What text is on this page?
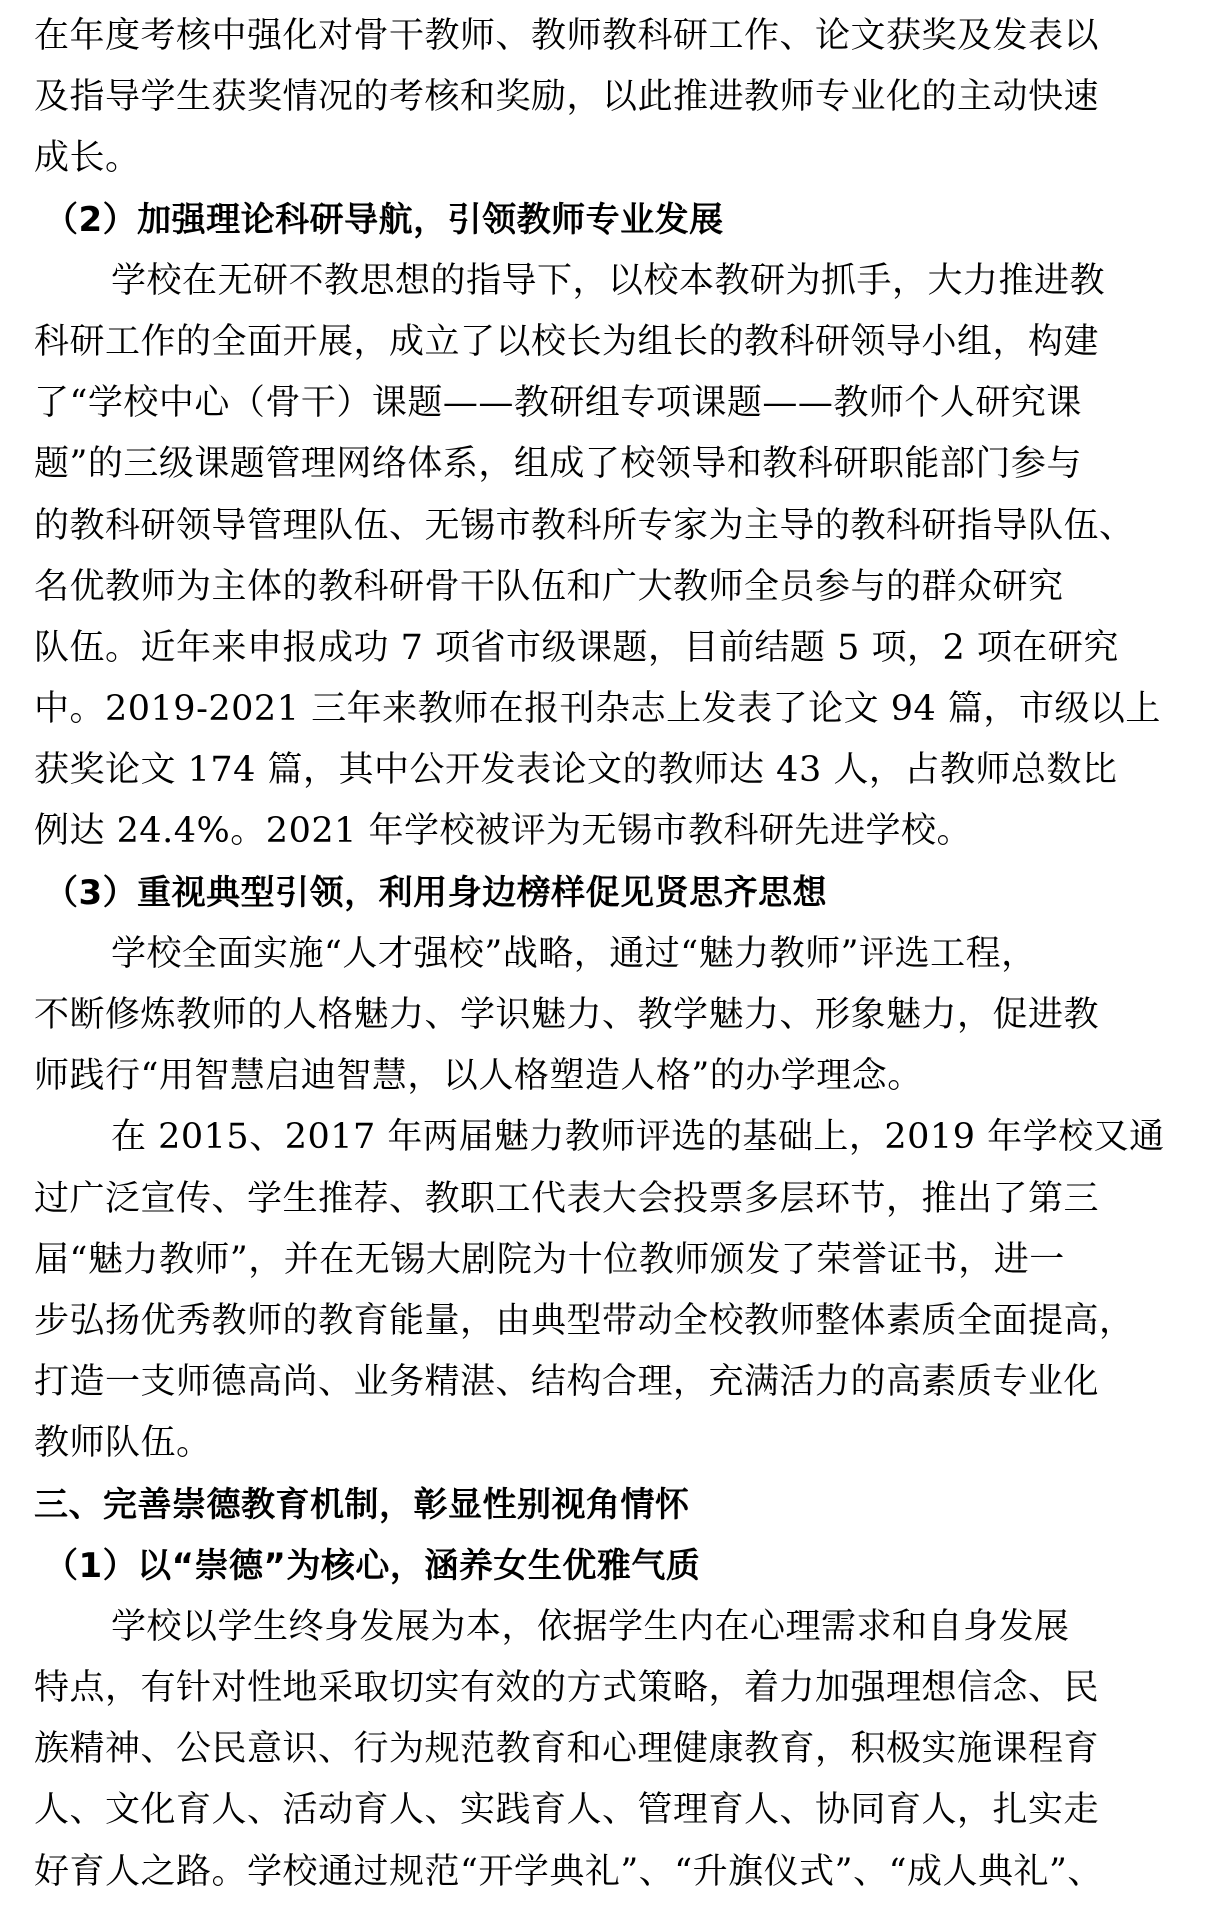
在年度考核中强化对骨干教师、教师教科研工作、论文获奖及发表以
及指导学生获奖情况的考核和奖励，以此推进教师专业化的主动快速
成长。
（2）加强理论科研导航，引领教师专业发展
学校在无研不教思想的指导下，以校本教研为抓手，大力推进教
科研工作的全面开展，成立了以校长为组长的教科研领导小组，构建
了“学校中心（骨干）课题——教研组专项课题——教师个人研究课
题”的三级课题管理网络体系，组成了校领导和教科研职能部门参与
的教科研领导管理队伍、无锡市教科所专家为主导的教科研指导队伍、
名优教师为主体的教科研骨干队伍和广大教师全员参与的群众研究
队伍。近年来申报成功 7 项省市级课题，目前结题 5 项，2 项在研究
中。2019-2021 三年来教师在报刊杂志上发表了论文 94 篇，市级以上
获奖论文 174 篇，其中公开发表论文的教师达 43 人，占教师总数比
例达 24.4%。2021 年学校被评为无锡市教科研先进学校。
（3）重视典型引领，利用身边榜样促见贤思齐思想
学校全面实施“人才强校”战略，通过“魅力教师”评选工程，
不断修炼教师的人格魅力、学识魅力、教学魅力、形象魅力，促进教
师践行“用智慧启迪智慧，以人格塑造人格”的办学理念。
在 2015、2017 年两届魅力教师评选的基础上，2019 年学校又通
过广泛宣传、学生推荐、教职工代表大会投票多层环节，推出了第三
届“魅力教师”，并在无锡大剧院为十位教师颁发了荣誉证书，进一
步弘扬优秀教师的教育能量，由典型带动全校教师整体素质全面提高，
打造一支师德高尚、业务精湛、结构合理，充满活力的高素质专业化
教师队伍。
三、完善崇德教育机制，彰显性别视角情怀
（1）以“崇德”为核心，涵养女生优雅气质
学校以学生终身发展为本，依据学生内在心理需求和自身发展
特点，有针对性地采取切实有效的方式策略，着力加强理想信念、民
族精神、公民意识、行为规范教育和心理健康教育，积极实施课程育
人、文化育人、活动育人、实践育人、管理育人、协同育人，扎实走
好育人之路。学校通过规范“开学典礼”、“升旗仪式”、“成人典礼”、
